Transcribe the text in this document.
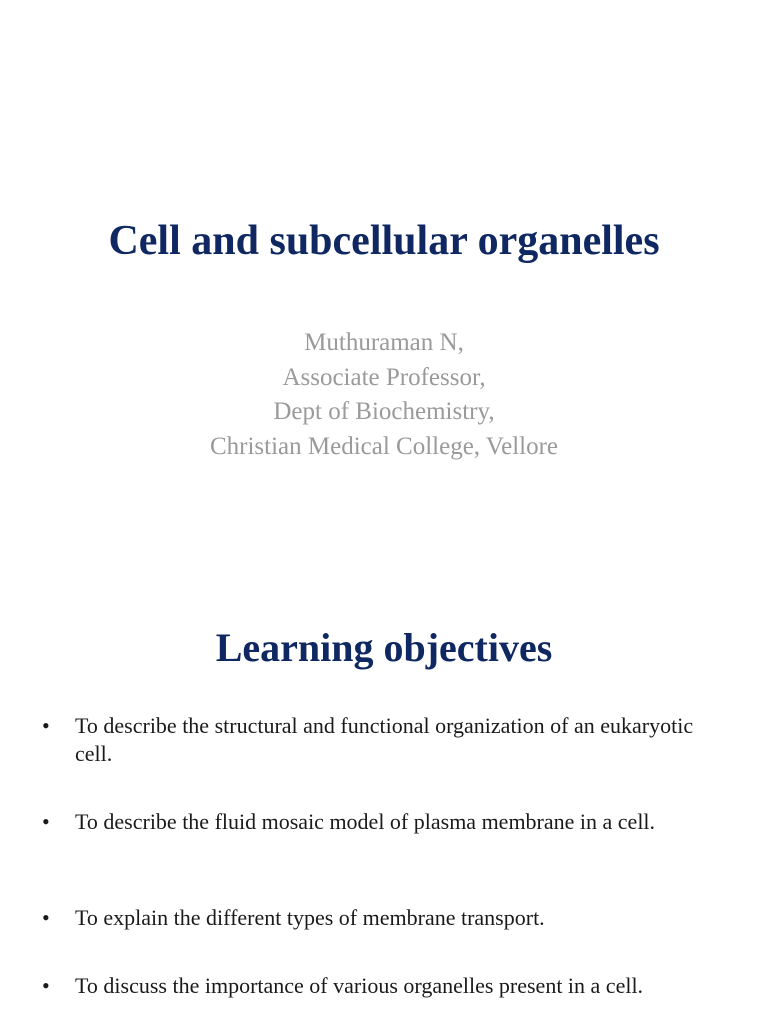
Cell and subcellular organelles
Muthuraman N,
Associate Professor,
Dept of Biochemistry,
Christian Medical College, Vellore
Learning objectives
•	To describe the structural and functional organization of an eukaryotic cell.
•	To describe the fluid mosaic model of plasma membrane in a cell.
•	To explain the different types of membrane transport.
•	To discuss the importance of various organelles present in a cell.
